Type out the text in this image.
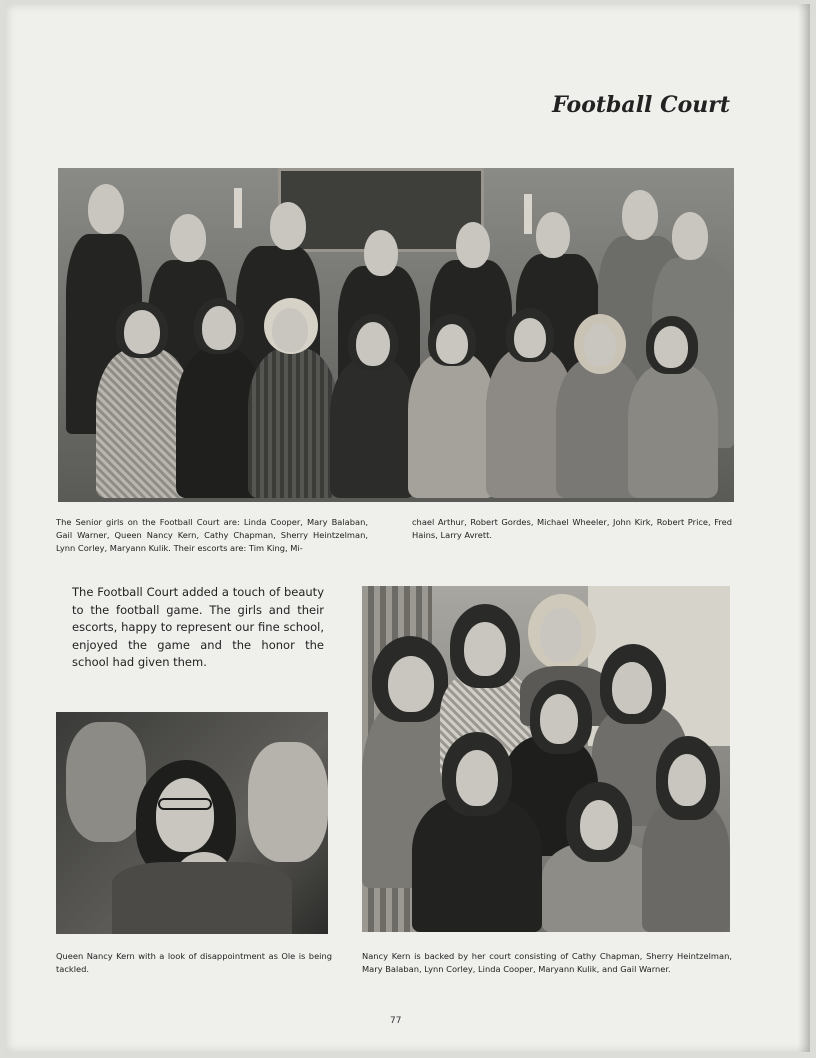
Football Court

The Senior girls on the Football Court are: Linda Cooper, Mary Balaban, Gail Warner, Queen Nancy Kern, Cathy Chapman, Sherry Heintzelman, Lynn Corley, Maryann Kulik. Their escorts are: Tim King, Mi-

chael Arthur, Robert Gordes, Michael Wheeler, John Kirk, Robert Price, Fred Hains, Larry Avrett.

The Football Court added a touch of beauty to the football game. The girls and their escorts, happy to represent our fine school, enjoyed the game and the honor the school had given them.

Nancy Kern is backed by her court consisting of Cathy Chapman, Sherry Heintzelman, Mary Balaban, Lynn Corley, Linda Cooper, Maryann Kulik, and Gail Warner.

Queen Nancy Kern with a look of disappointment as Ole is being tackled.

77
